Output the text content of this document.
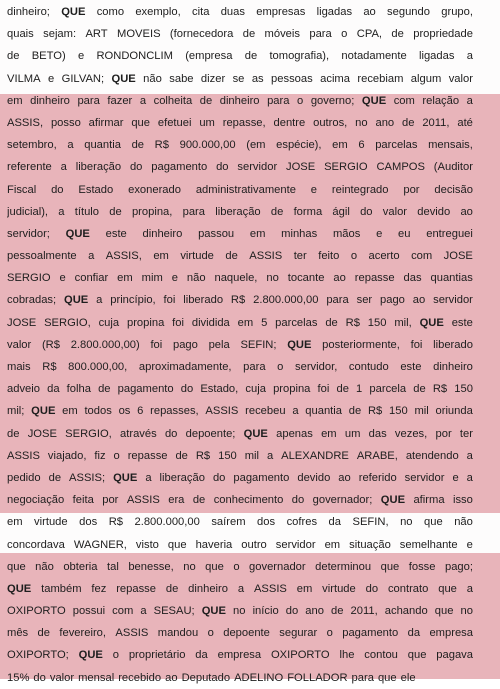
dinheiro; QUE como exemplo, cita duas empresas ligadas ao segundo grupo,
quais sejam: ART MOVEIS (fornecedora de móveis para o CPA, de propriedade
de BETO) e RONDONCLIM (empresa de tomografia), notadamente ligadas a
VILMA e GILVAN; QUE não sabe dizer se as pessoas acima recebiam algum valor
em dinheiro para fazer a colheita de dinheiro para o governo; QUE com relação a
ASSIS, posso afirmar que efetuei um repasse, dentre outros, no ano de 2011, até
setembro, a quantia de R$ 900.000,00 (em espécie), em 6 parcelas mensais,
referente a liberação do pagamento do servidor JOSE SERGIO CAMPOS (Auditor
Fiscal do Estado exonerado administrativamente e reintegrado por decisão
judicial), a título de propina, para liberação de forma ágil do valor devido ao
servidor; QUE este dinheiro passou em minhas mãos e eu entreguei
pessoalmente a ASSIS, em virtude de ASSIS ter feito o acerto com JOSE
SERGIO e confiar em mim e não naquele, no tocante ao repasse das quantias
cobradas; QUE a princípio, foi liberado R$ 2.800.000,00 para ser pago ao servidor
JOSE SERGIO, cuja propina foi dividida em 5 parcelas de R$ 150 mil, QUE este
valor (R$ 2.800.000,00) foi pago pela SEFIN; QUE posteriormente, foi liberado
mais R$ 800.000,00, aproximadamente, para o servidor, contudo este dinheiro
adveio da folha de pagamento do Estado, cuja propina foi de 1 parcela de R$ 150
mil; QUE em todos os 6 repasses, ASSIS recebeu a quantia de R$ 150 mil oriunda
de JOSE SERGIO, através do depoente; QUE apenas em um das vezes, por ter
ASSIS viajado, fiz o repasse de R$ 150 mil a ALEXANDRE ARABE, atendendo a
pedido de ASSIS; QUE a liberação do pagamento devido ao referido servidor e a
negociação feita por ASSIS era de conhecimento do governador; QUE afirma isso
em virtude dos R$ 2.800.000,00 saírem dos cofres da SEFIN, no que não
concordava WAGNER, visto que haveria outro servidor em situação semelhante e
que não obteria tal benesse, no que o governador determinou que fosse pago;
QUE também fez repasse de dinheiro a ASSIS em virtude do contrato que a
OXIPORTO possui com a SESAU; QUE no início do ano de 2011, achando que no
mês de fevereiro, ASSIS mandou o depoente segurar o pagamento da empresa
OXIPORTO; QUE o proprietário da empresa OXIPORTO lhe contou que pagava
15% do valor mensal recebido ao Deputado ADELINO FOLLADOR para que ele
